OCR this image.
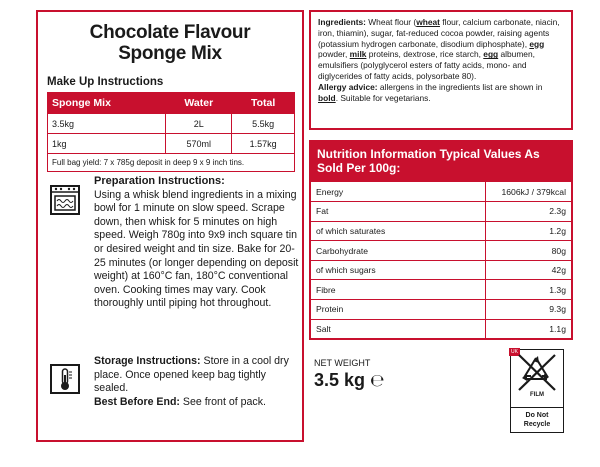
Chocolate Flavour
Sponge Mix
Make Up Instructions
Sponge Mix	Water	Total
3.5kg	2L	5.5kg
1kg	570ml	1.57kg
Full bag yield: 7 x 785g deposit in deep 9 x 9 inch tins.
Preparation Instructions:
Using a whisk blend ingredients in a mixing bowl for 1 minute on slow speed. Scrape down, then whisk for 5 minutes on high speed. Weigh 780g into 9x9 inch square tin or desired weight and tin size. Bake for 20-25 minutes (or longer depending on deposit weight) at 160°C fan, 180°C conventional oven. Cooking times may vary. Cook thoroughly until piping hot throughout.
Storage Instructions: Store in a cool dry place. Once opened keep bag tightly sealed.
Best Before End: See front of pack.
Ingredients: Wheat flour (wheat flour, calcium carbonate, niacin, iron, thiamin), sugar, fat-reduced cocoa powder, raising agents (potassium hydrogen carbonate, disodium diphosphate), egg powder, milk proteins, dextrose, rice starch, egg albumen, emulsifiers (polyglycerol esters of fatty acids, mono- and diglycerides of fatty acids, polysorbate 80).
Allergy advice: allergens in the ingredients list are shown in bold. Suitable for vegetarians.
Nutrition Information Typical Values As Sold Per 100g:
Energy	1606kJ / 379kcal
Fat	2.3g
of which saturates	1.2g
Carbohydrate	80g
of which sugars	42g
Fibre	1.3g
Protein	9.3g
Salt	1.1g
NET WEIGHT
3.5 kg ℮
UK
FILM
Do Not
Recycle
